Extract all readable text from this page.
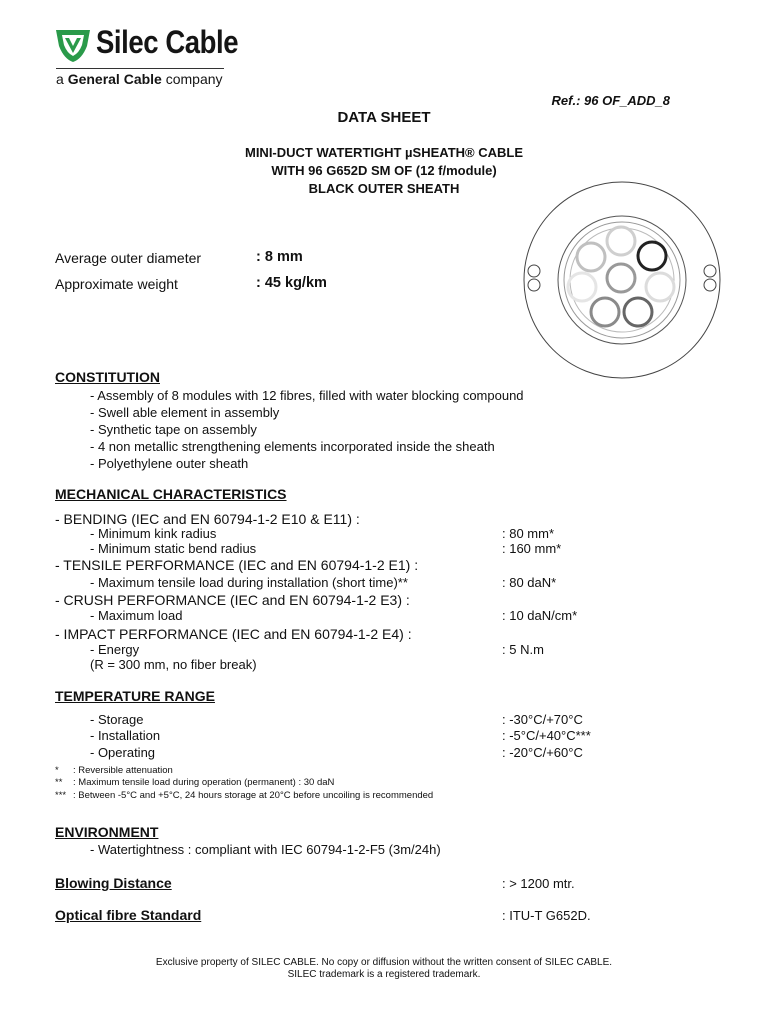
Silec Cable
a General Cable company
Ref.: 96 OF_ADD_8
DATA SHEET
MINI-DUCT WATERTIGHT µSHEATH® CABLE
WITH 96 G652D SM OF (12 f/module)
BLACK OUTER SHEATH
Average outer diameter	: 8 mm
Approximate weight	: 45 kg/km
CONSTITUTION
- Assembly of 8 modules with 12 fibres, filled with water blocking compound
- Swell able element in assembly
- Synthetic tape on assembly
- 4 non metallic strengthening elements incorporated inside the sheath
- Polyethylene outer sheath
MECHANICAL CHARACTERISTICS
- BENDING (IEC and EN 60794-1-2 E10 & E11) :
- Minimum kink radius	: 80 mm*
- Minimum static bend radius	: 160 mm*
- TENSILE PERFORMANCE (IEC and EN 60794-1-2 E1) :
- Maximum tensile load during installation (short time)**	: 80 daN*
- CRUSH PERFORMANCE (IEC and EN 60794-1-2 E3) :
- Maximum load	: 10 daN/cm*
- IMPACT PERFORMANCE (IEC and EN 60794-1-2 E4) :
- Energy	: 5 N.m
(R = 300 mm, no fiber break)
TEMPERATURE RANGE
- Storage	: -30°C/+70°C
- Installation	: -5°C/+40°C***
- Operating	: -20°C/+60°C
* : Reversible attenuation
** : Maximum tensile load during operation (permanent) : 30 daN
*** : Between -5°C and +5°C, 24 hours storage at 20°C before uncoiling is recommended
ENVIRONMENT
- Watertightness : compliant with IEC 60794-1-2-F5 (3m/24h)
Blowing Distance	: > 1200 mtr.
Optical fibre Standard	: ITU-T G652D.
Exclusive property of SILEC CABLE. No copy or diffusion without the written consent of SILEC CABLE.
SILEC trademark is a registered trademark.
